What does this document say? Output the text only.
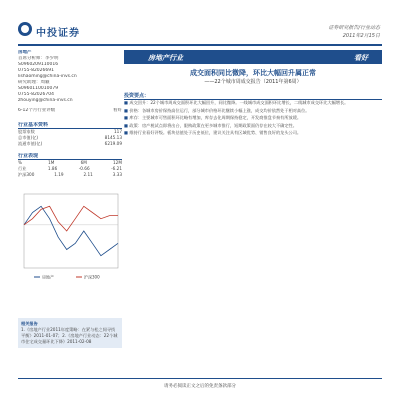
中投证券	证券研究报告/行业动态
2011年2月15日
房地产
首席分析师：李少明
S0960209110016
0755-82026691
lishaoming@china-invs.cn
研究助理：周颖
S0960110010079
0755-82026704
zhouying@china-invs.cn
6-12个月行业评级	看好
行业基本资料
股票家数	117
总市值(亿)	8145.13
流通市值(亿)	6219.09
行业表现
%	1M	6M	12M
行业	1.86	-0.66	-6.21
沪深300	1.19	2.11	3.33
房地产	沪深300
相关报告
1.《房地产行业2011年度策略：在紧与松之间寻找平衡》2011-01-07；2.《房地产行业动态：22个城市住宅成交量环比下降》2011-02-08
房地产行业	看好
成交面积同比微降，环比大幅回升属正常
——22个城市周成交报告（2011年第6周）
投资要点：

■ 成交回升：22个城市周成交面积环比大幅回升，同比微降。一线城市成交面积环比增长，二线城市成交环比大幅增长。

■ 价格：各城市房价保持高位运行，部分城市价格环比继续小幅上涨，成交均价依然处于相对高位。

■ 库存：主要城市可售面积环比略有增加，库存去化周期保持稳定，开发商推盘节奏有所放缓。

■ 政策：房产税试点即将出台，限购政策在更多城市推行，短期政策面仍存在较大不确定性。

■ 维持行业看好评级。板块估值处于历史低位，建议关注具有区域优势、销售良好的龙头公司。

请务必阅读正文之后的免责条款部分
